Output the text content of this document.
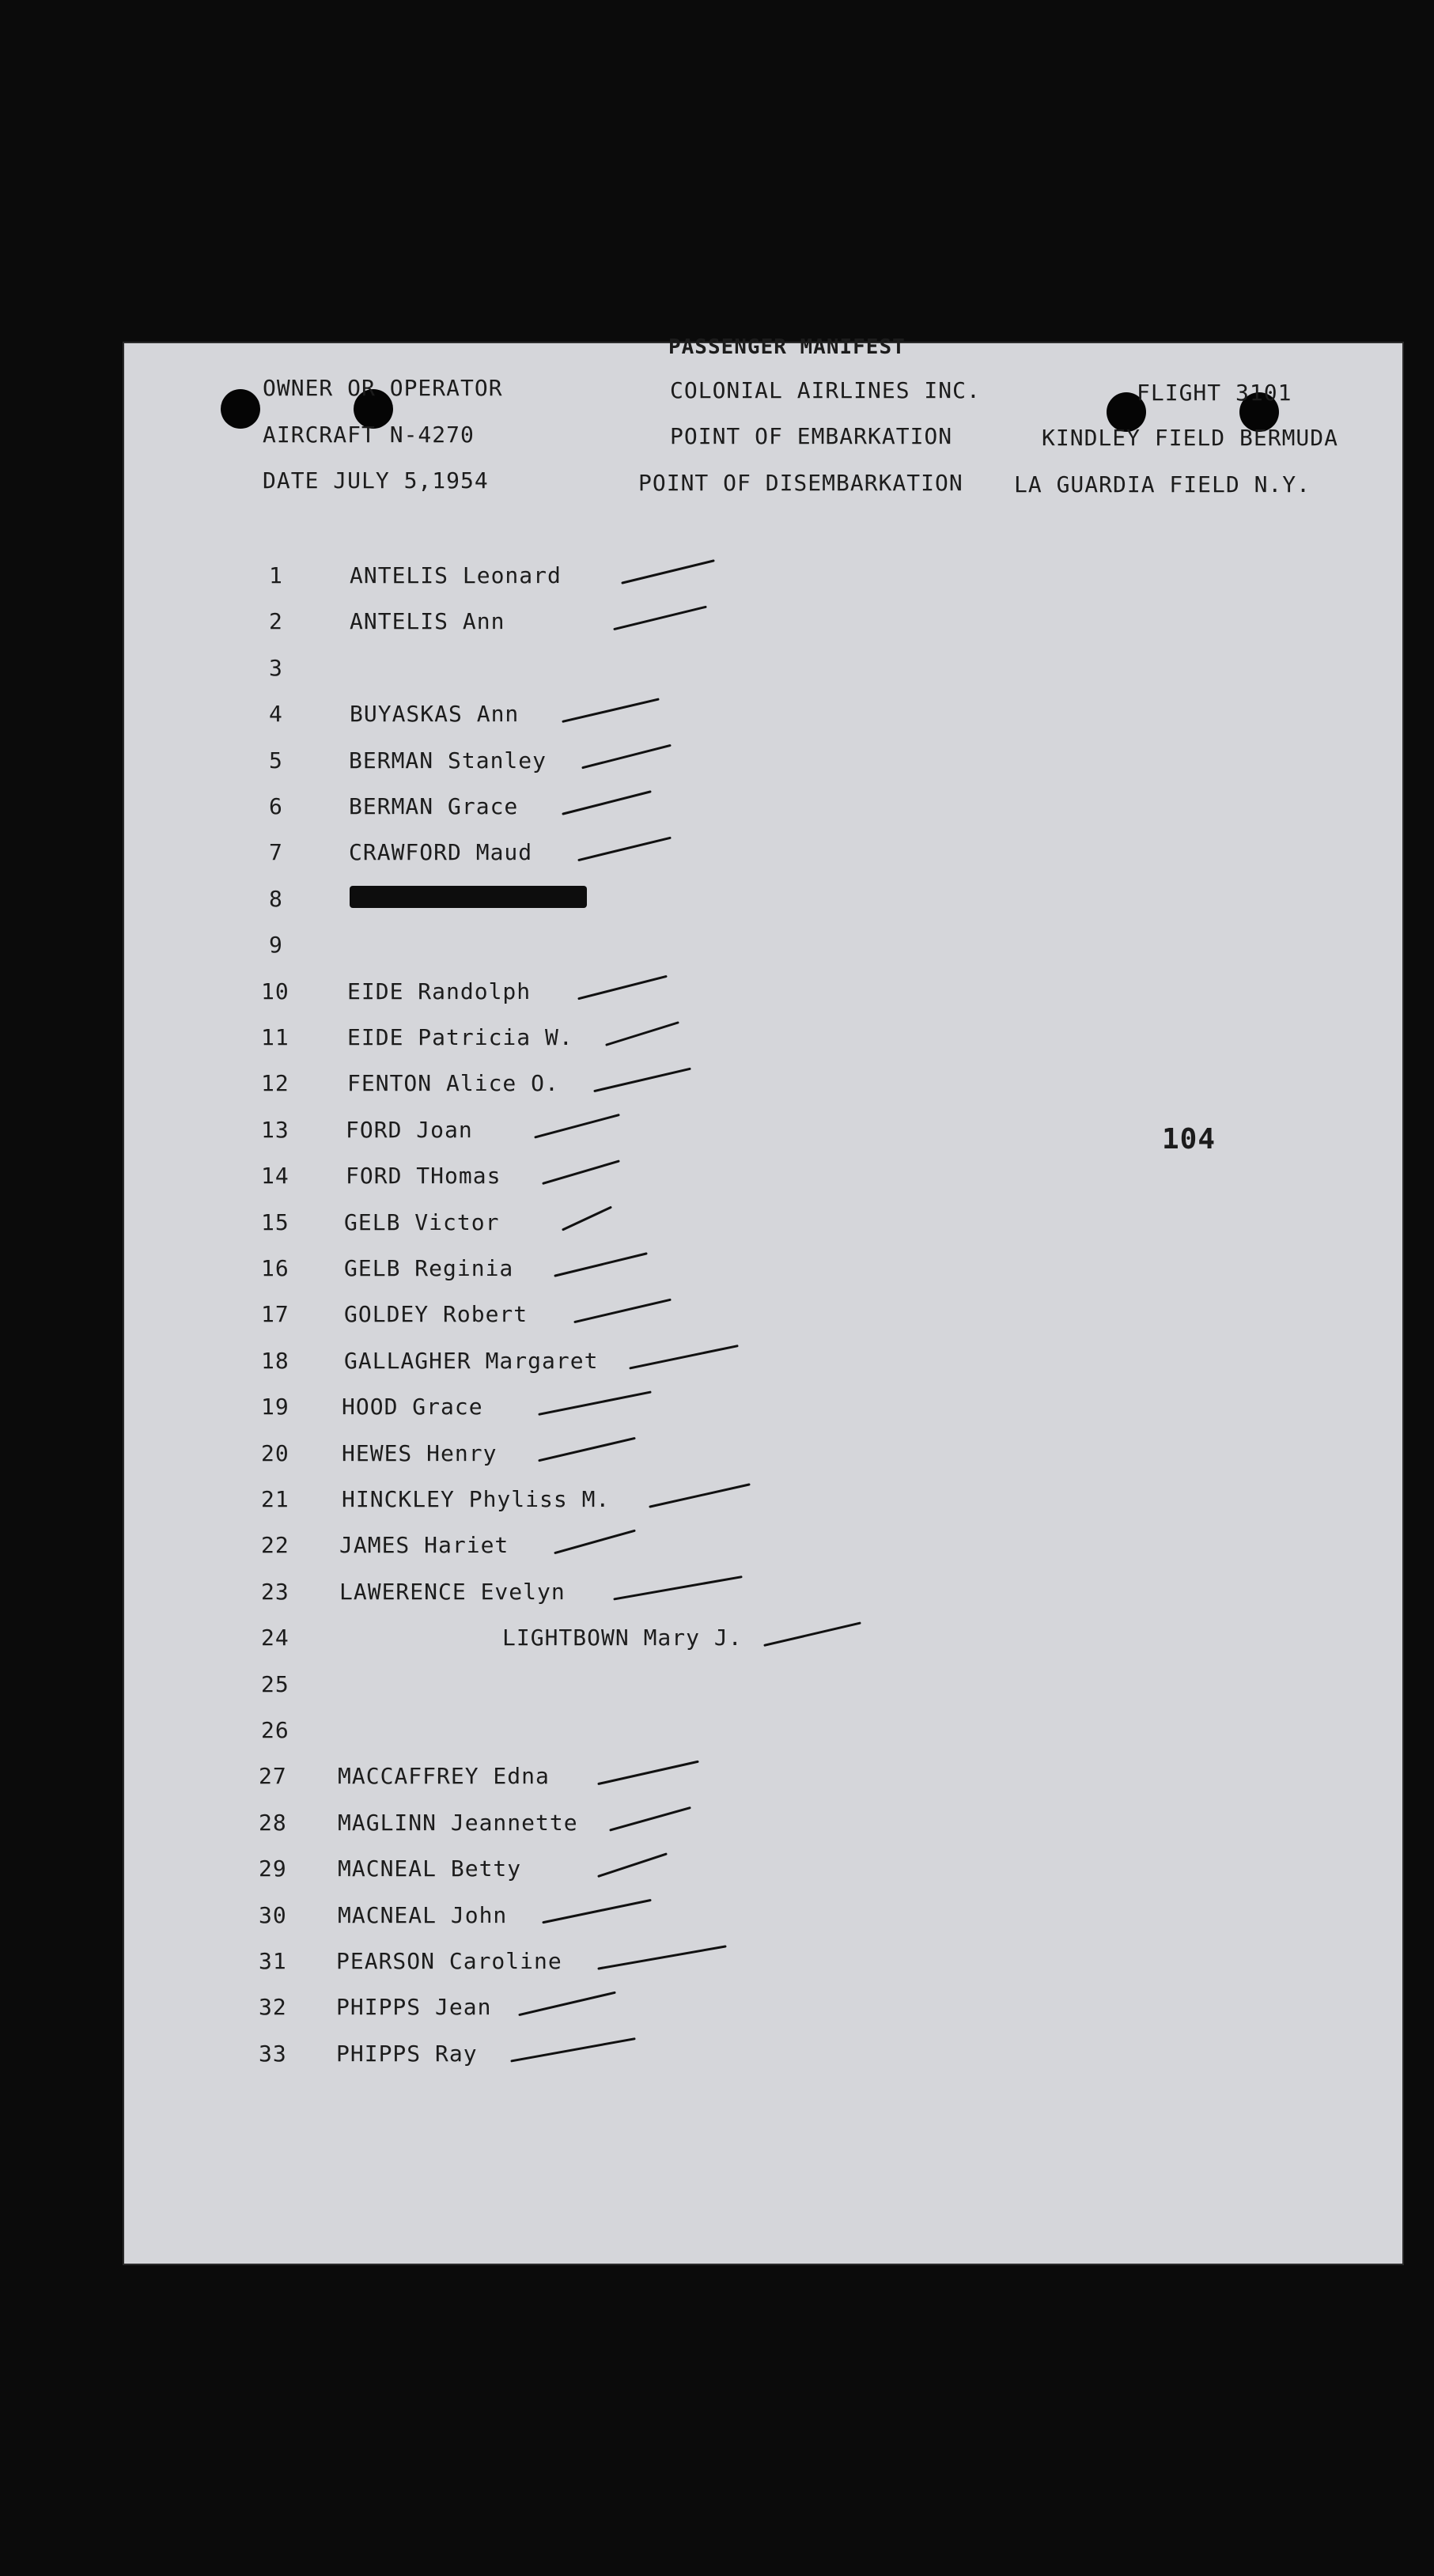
PASSENGER MANIFEST
OWNER OR OPERATOR	COLONIAL AIRLINES INC.	FLIGHT 3101
AIRCRAFT N-4270	POINT OF EMBARKATION	KINDLEY FIELD BERMUDA
DATE JULY 5,1954	POINT OF DISEMBARKATION LA GUARDIA FIELD N.Y.
104
1	ANTELIS Leonard
2	ANTELIS Ann
3
4	BUYASKAS Ann
5	BERMAN Stanley
6	BERMAN Grace
7	CRAWFORD Maud
8
9
10	EIDE Randolph
11	EIDE Patricia W.
12	FENTON Alice O.
13	FORD Joan
14	FORD THomas
15 GELB Victor
16 GELB Reginia
17 GOLDEY Robert
18 GALLAGHER Margaret
19 HOOD Grace
20 HEWES Henry
21 HINCKLEY Phyliss M.
22 JAMES Hariet
23 LAWERENCE Evelyn
24	LIGHTBOWN Mary J.
25
26
27 MACCAFFREY Edna
28 MAGLINN Jeannette
29 MACNEAL Betty
30 MACNEAL John
31 PEARSON Caroline
32 PHIPPS Jean
33 PHIPPS Ray
